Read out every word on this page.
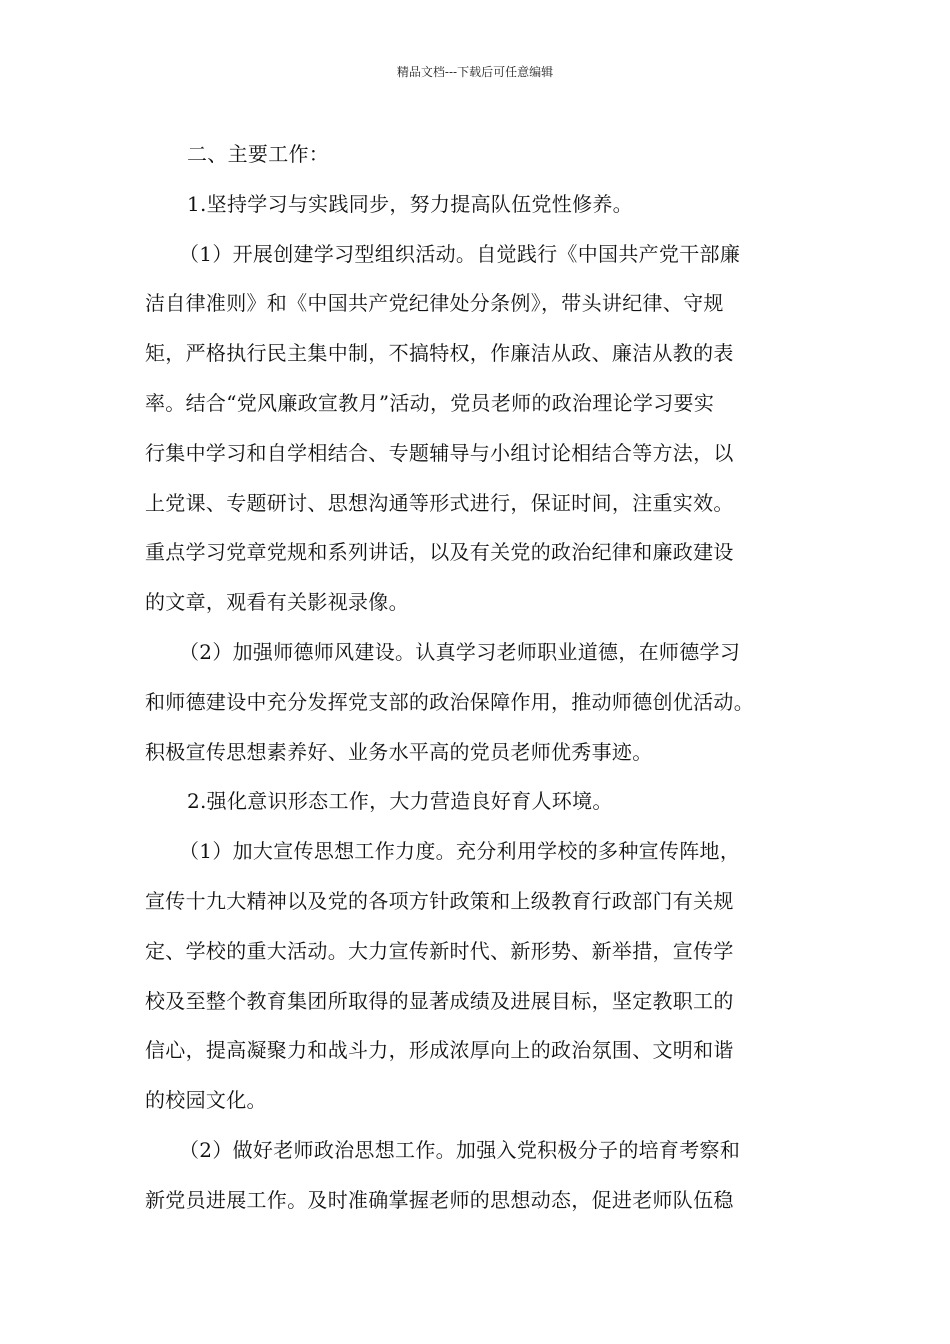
精品文档---下载后可任意编辑
二、主要工作：
1.坚持学习与实践同步，努力提高队伍党性修养。
（1）开展创建学习型组织活动。自觉践行《中国共产党干部廉
洁自律准则》和《中国共产党纪律处分条例》，带头讲纪律、守规
矩，严格执行民主集中制，不搞特权，作廉洁从政、廉洁从教的表
率。结合“党风廉政宣教月”活动，党员老师的政治理论学习要实
行集中学习和自学相结合、专题辅导与小组讨论相结合等方法，以
上党课、专题研讨、思想沟通等形式进行，保证时间，注重实效。
重点学习党章党规和系列讲话，以及有关党的政治纪律和廉政建设
的文章，观看有关影视录像。
（2）加强师德师风建设。认真学习老师职业道德，在师德学习
和师德建设中充分发挥党支部的政治保障作用，推动师德创优活动。
积极宣传思想素养好、业务水平高的党员老师优秀事迹。
2.强化意识形态工作，大力营造良好育人环境。
（1）加大宣传思想工作力度。充分利用学校的多种宣传阵地，
宣传十九大精神以及党的各项方针政策和上级教育行政部门有关规
定、学校的重大活动。大力宣传新时代、新形势、新举措，宣传学
校及至整个教育集团所取得的显著成绩及进展目标，坚定教职工的
信心，提高凝聚力和战斗力，形成浓厚向上的政治氛围、文明和谐
的校园文化。
（2）做好老师政治思想工作。加强入党积极分子的培育考察和
新党员进展工作。及时准确掌握老师的思想动态，促进老师队伍稳
